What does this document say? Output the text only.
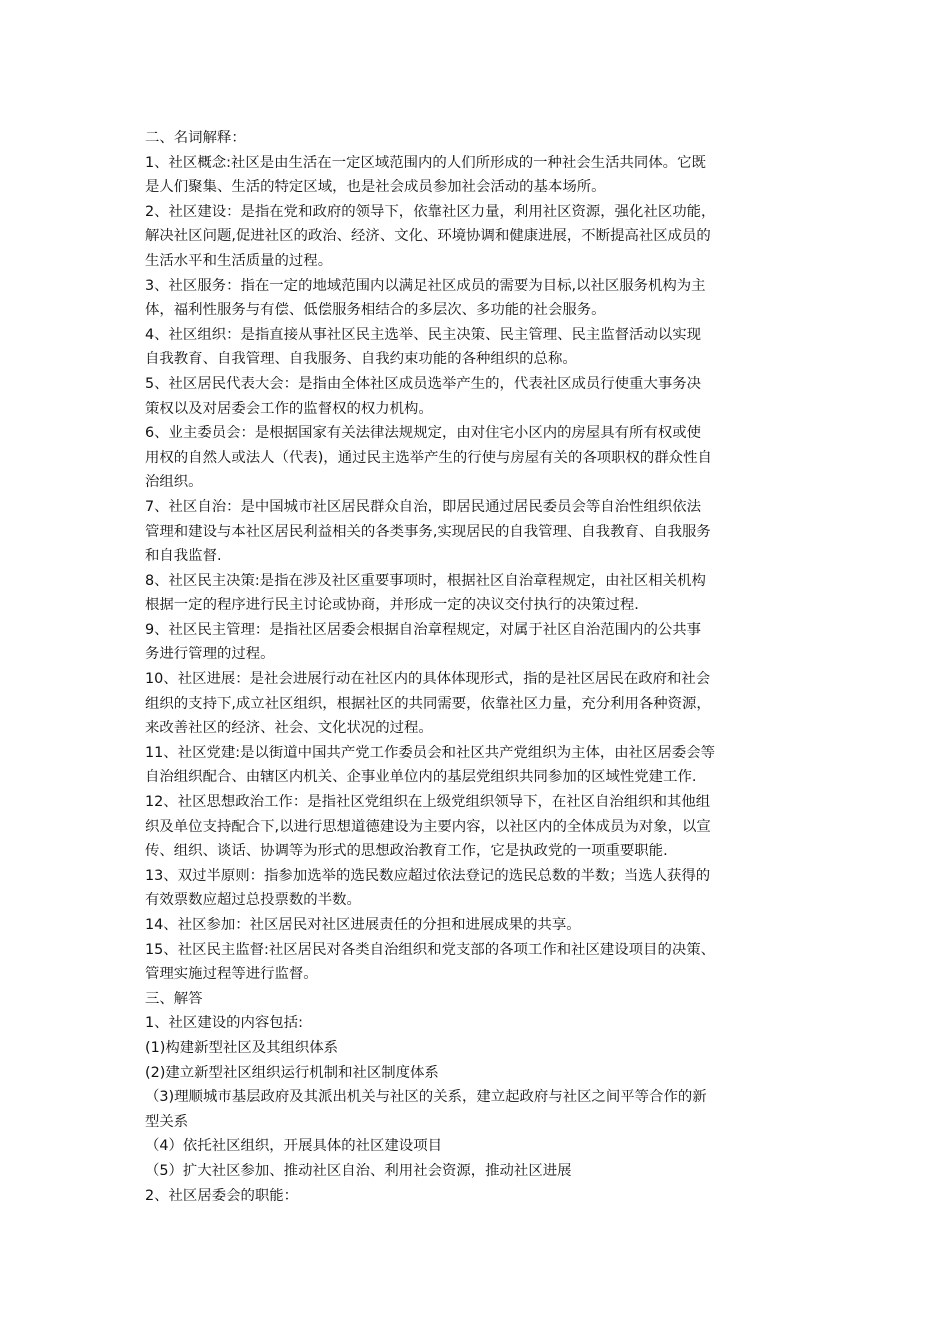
二、名词解释：
1、社区概念:社区是由生活在一定区域范围内的人们所形成的一种社会生活共同体。它既
是人们聚集、生活的特定区域，也是社会成员参加社会活动的基本场所。
2、社区建设：是指在党和政府的领导下，依靠社区力量，利用社区资源，强化社区功能，
解决社区问题,促进社区的政治、经济、文化、环境协调和健康进展，不断提高社区成员的
生活水平和生活质量的过程。
3、社区服务：指在一定的地域范围内以满足社区成员的需要为目标,以社区服务机构为主
体，福利性服务与有偿、低偿服务相结合的多层次、多功能的社会服务。
4、社区组织：是指直接从事社区民主选举、民主决策、民主管理、民主监督活动以实现
自我教育、自我管理、自我服务、自我约束功能的各种组织的总称。
5、社区居民代表大会：是指由全体社区成员选举产生的，代表社区成员行使重大事务决
策权以及对居委会工作的监督权的权力机构。
6、业主委员会：是根据国家有关法律法规规定，由对住宅小区内的房屋具有所有权或使
用权的自然人或法人（代表)，通过民主选举产生的行使与房屋有关的各项职权的群众性自
治组织。
7、社区自治：是中国城市社区居民群众自治，即居民通过居民委员会等自治性组织依法
管理和建设与本社区居民利益相关的各类事务,实现居民的自我管理、自我教育、自我服务
和自我监督.
8、社区民主决策:是指在涉及社区重要事项时，根据社区自治章程规定，由社区相关机构
根据一定的程序进行民主讨论或协商，并形成一定的决议交付执行的决策过程.
9、社区民主管理：是指社区居委会根据自治章程规定，对属于社区自治范围内的公共事
务进行管理的过程。
10、社区进展：是社会进展行动在社区内的具体体现形式，指的是社区居民在政府和社会
组织的支持下,成立社区组织，根据社区的共同需要，依靠社区力量，充分利用各种资源，
来改善社区的经济、社会、文化状况的过程。
11、社区党建:是以街道中国共产党工作委员会和社区共产党组织为主体，由社区居委会等
自治组织配合、由辖区内机关、企事业单位内的基层党组织共同参加的区域性党建工作.
12、社区思想政治工作：是指社区党组织在上级党组织领导下，在社区自治组织和其他组
织及单位支持配合下,以进行思想道德建设为主要内容，以社区内的全体成员为对象，以宣
传、组织、谈话、协调等为形式的思想政治教育工作，它是执政党的一项重要职能.
13、双过半原则：指参加选举的选民数应超过依法登记的选民总数的半数；当选人获得的
有效票数应超过总投票数的半数。
14、社区参加：社区居民对社区进展责任的分担和进展成果的共享。
15、社区民主监督:社区居民对各类自治组织和党支部的各项工作和社区建设项目的决策、
管理实施过程等进行监督。
三、解答
1、社区建设的内容包括:
(1)构建新型社区及其组织体系
(2)建立新型社区组织运行机制和社区制度体系
（3)理顺城市基层政府及其派出机关与社区的关系，建立起政府与社区之间平等合作的新
型关系
（4）依托社区组织，开展具体的社区建设项目
（5）扩大社区参加、推动社区自治、利用社会资源，推动社区进展
2、社区居委会的职能：
